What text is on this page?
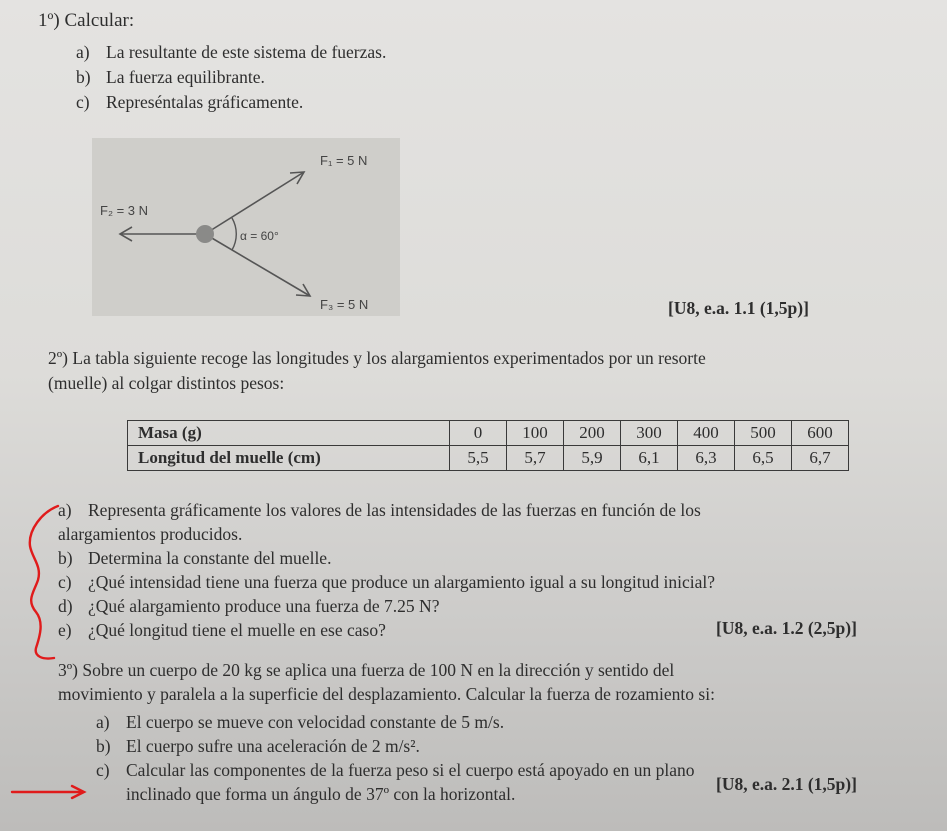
1º) Calcular:
a) La resultante de este sistema de fuerzas.
b) La fuerza equilibrante.
c) Represéntalas gráficamente.
F₁ = 5 N
F₂ = 3 N
α = 60°
F₃ = 5 N	[U8, e.a. 1.1 (1,5p)]
2º) La tabla siguiente recoge las longitudes y los alargamientos experimentados por un resorte
(muelle) al colgar distintos pesos:
Masa (g)	0	100	200	300	400	500	600
Longitud del muelle (cm)	5,5	5,7	5,9	6,1	6,3	6,5	6,7
a) Representa gráficamente los valores de las intensidades de las fuerzas en función de los
alargamientos producidos.
b) Determina la constante del muelle.
c) ¿Qué intensidad tiene una fuerza que produce un alargamiento igual a su longitud inicial?
d) ¿Qué alargamiento produce una fuerza de 7.25 N?
e) ¿Qué longitud tiene el muelle en ese caso?	[U8, e.a. 1.2 (2,5p)]
3º) Sobre un cuerpo de 20 kg se aplica una fuerza de 100 N en la dirección y sentido del
movimiento y paralela a la superficie del desplazamiento. Calcular la fuerza de rozamiento si:
a) El cuerpo se mueve con velocidad constante de 5 m/s.
b) El cuerpo sufre una aceleración de 2 m/s².
c) Calcular las componentes de la fuerza peso si el cuerpo está apoyado en un plano
inclinado que forma un ángulo de 37º con la horizontal.	[U8, e.a. 2.1 (1,5p)]
